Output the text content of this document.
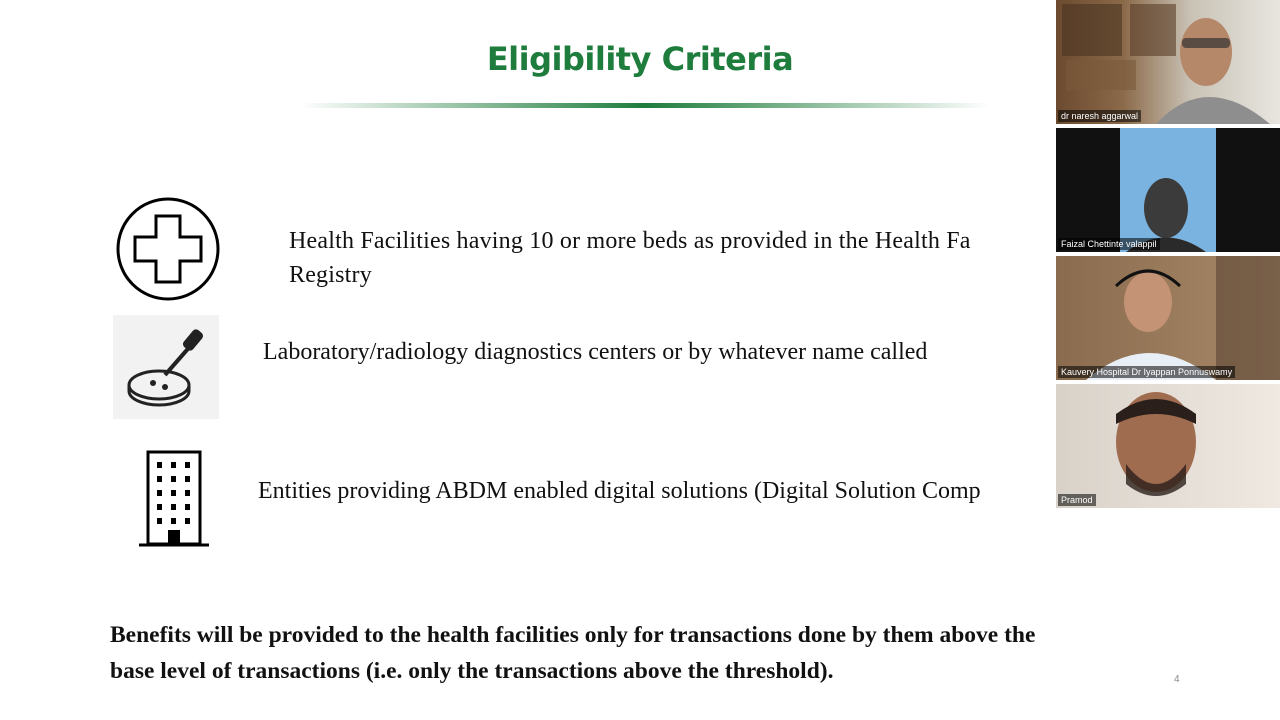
Eligibility Criteria
Health Facilities having 10 or more beds as provided in the Health Fa
Registry
Laboratory/radiology diagnostics centers or by whatever name called
Entities providing ABDM enabled digital solutions (Digital Solution Comp
Benefits will be provided to the health facilities only for transactions done by them above the
base level of transactions (i.e. only the transactions above the threshold).	4
dr naresh aggarwal
Faizal Chettinte valappil
Kauvery Hospital Dr Iyappan Ponnuswamy
Pramod
